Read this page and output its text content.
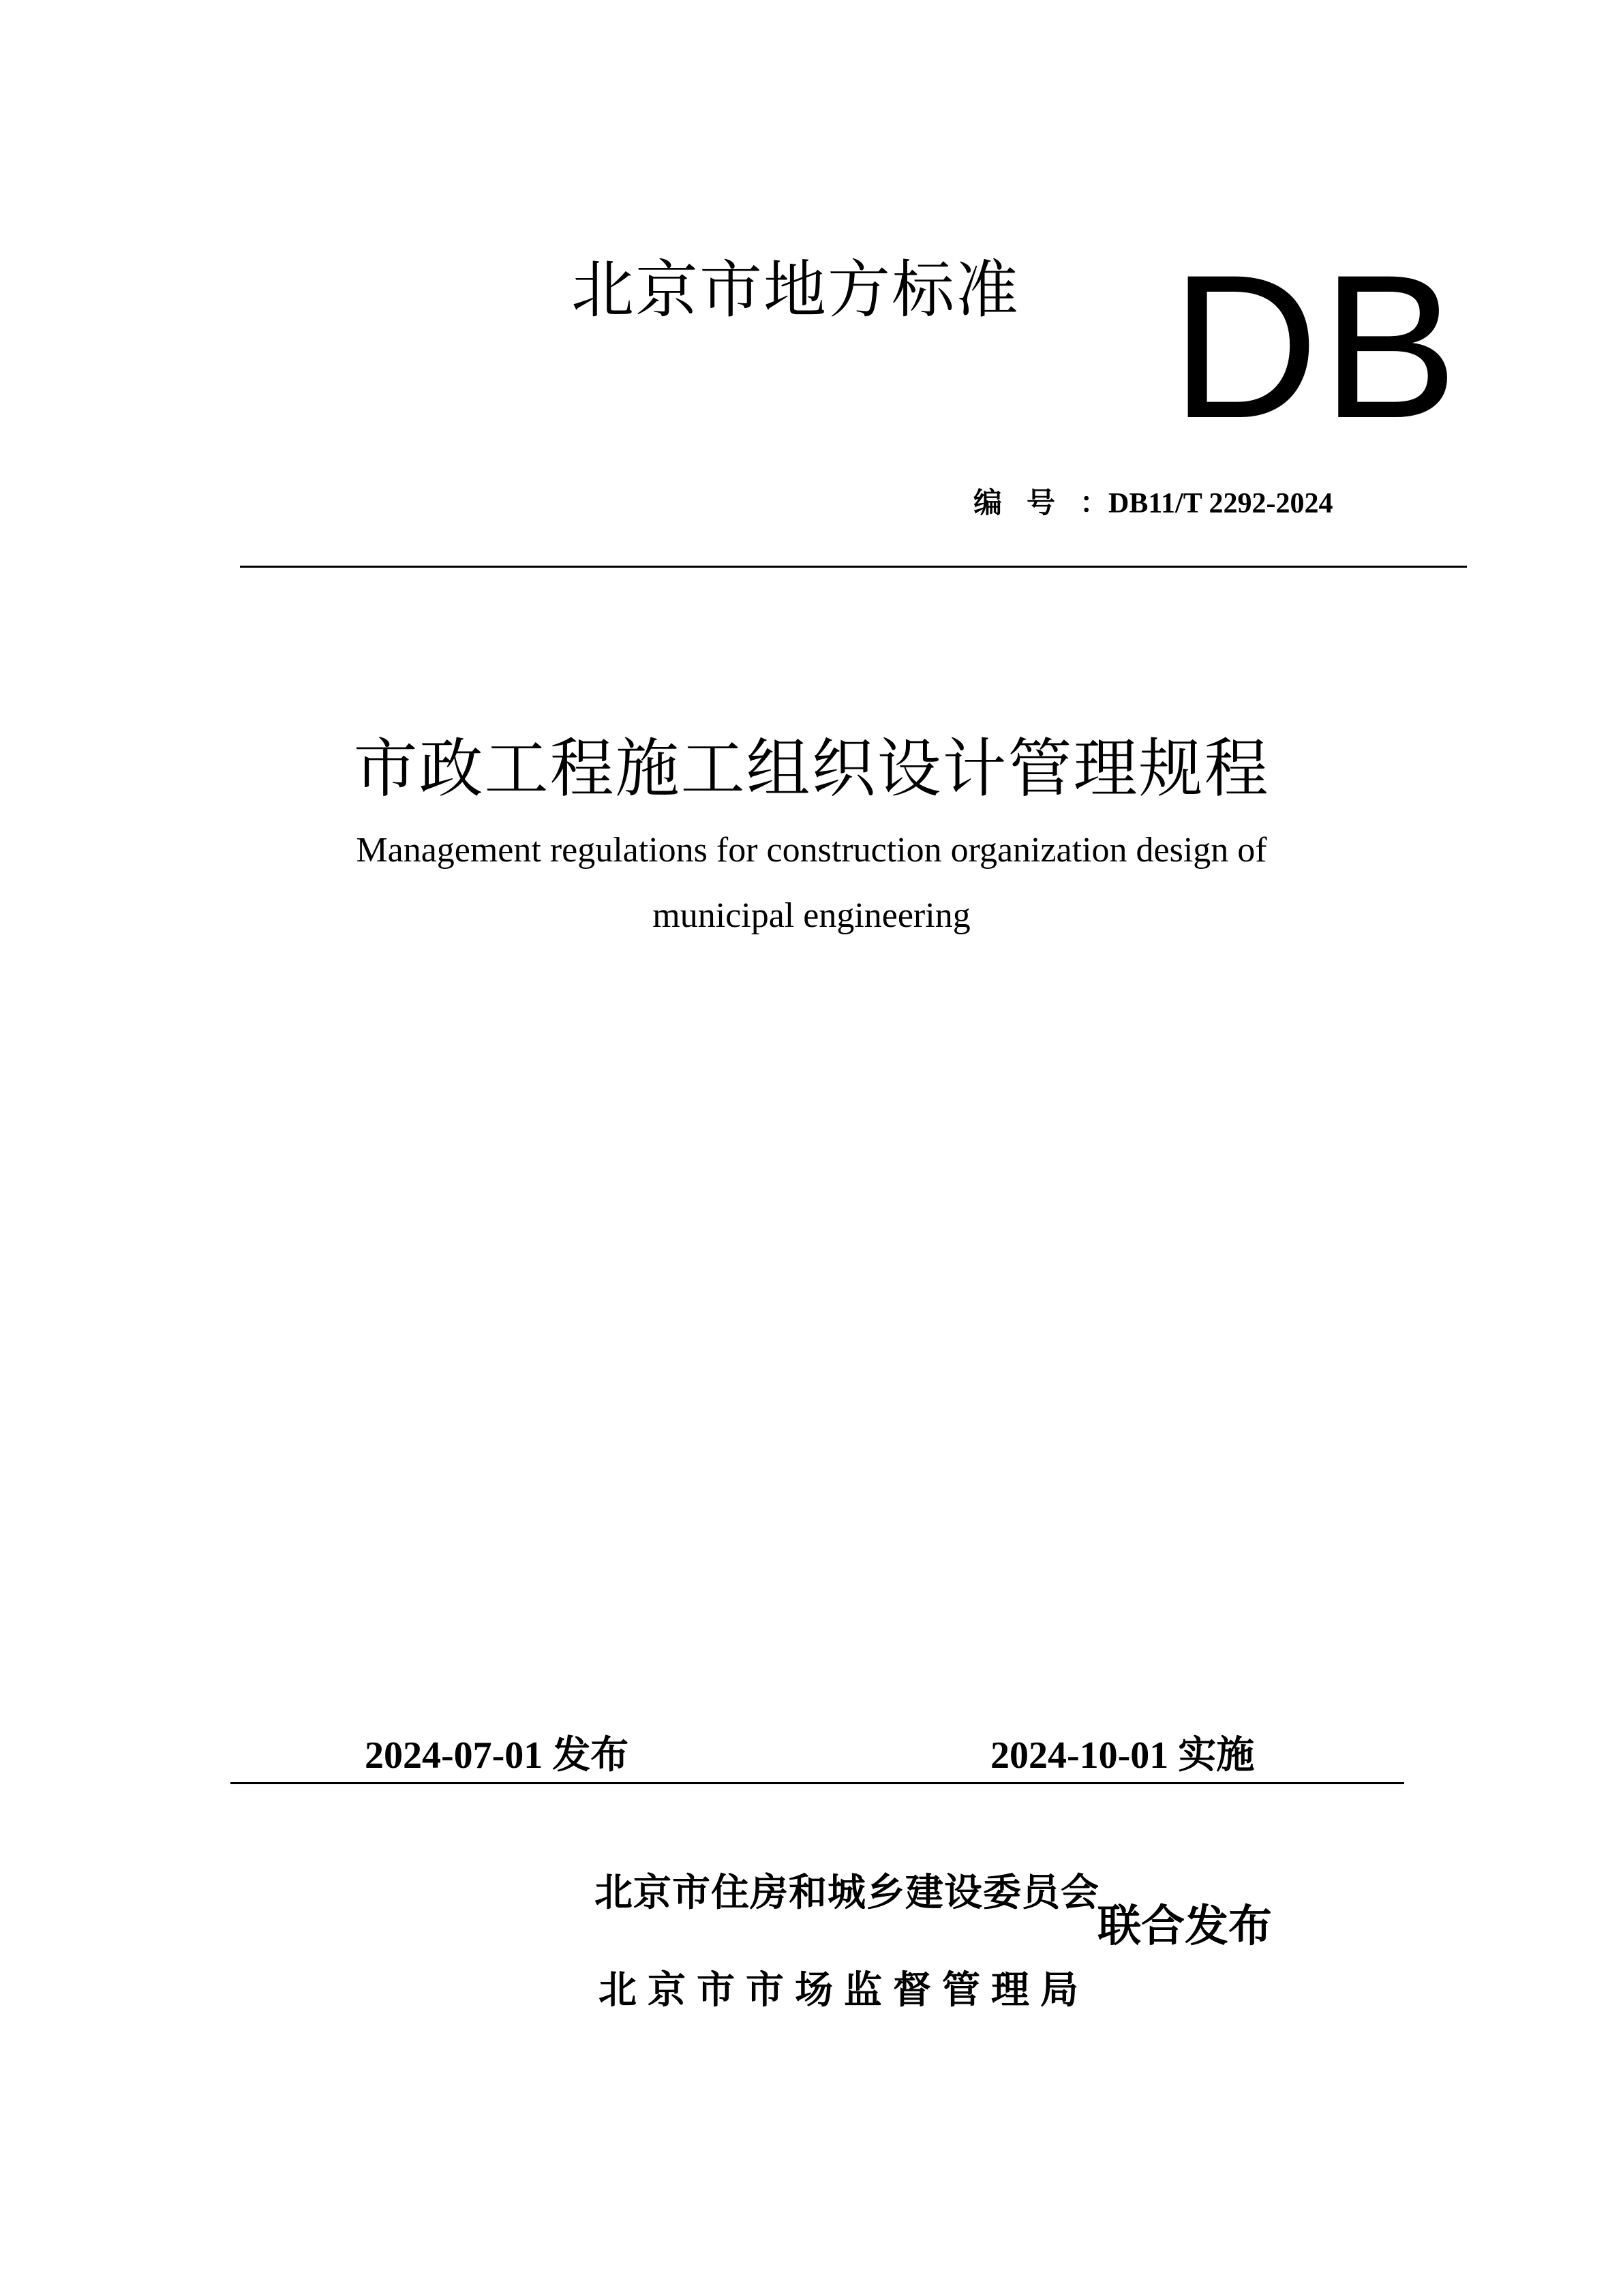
北京市地方标准 DB
编号：DB11/T 2292-2024
市政工程施工组织设计管理规程
Management regulations for construction organization design of
municipal engineering
2024-07-01 发布	2024-10-01 实施
北京市住房和城乡建设委员会
北京市市场监督管理局
联合发布
